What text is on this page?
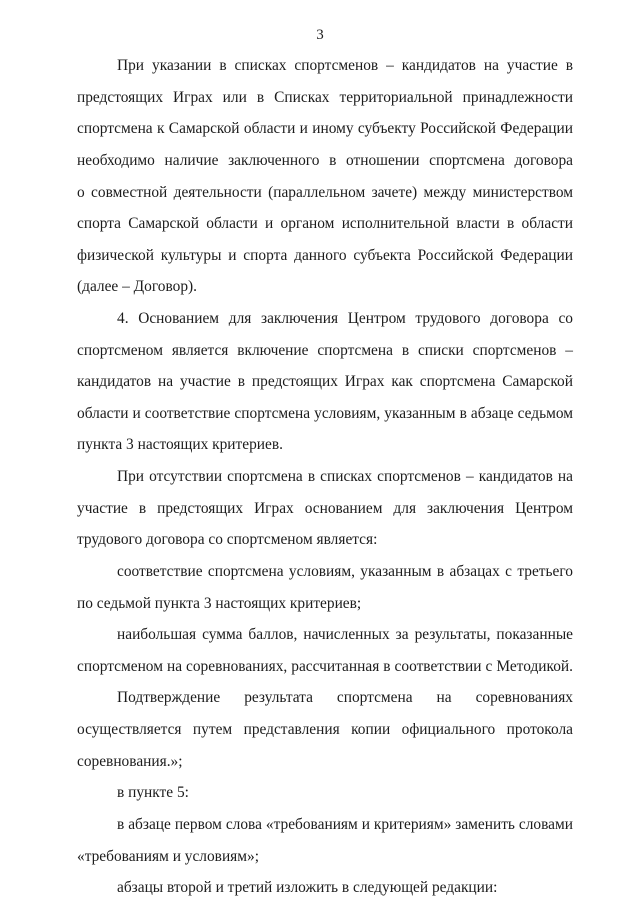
3
При указании в списках спортсменов – кандидатов на участие в
предстоящих Играх или в Списках территориальной принадлежности
спортсмена к Самарской области и иному субъекту Российской Федерации
необходимо наличие заключенного в отношении спортсмена договора
о совместной деятельности (параллельном зачете) между министерством
спорта Самарской области и органом исполнительной власти в области
физической культуры и спорта данного субъекта Российской Федерации
(далее – Договор).
4. Основанием для заключения Центром трудового договора со
спортсменом является включение спортсмена в списки спортсменов –
кандидатов на участие в предстоящих Играх как спортсмена Самарской
области и соответствие спортсмена условиям, указанным в абзаце седьмом
пункта 3 настоящих критериев.
При отсутствии спортсмена в списках спортсменов – кандидатов на
участие в предстоящих Играх основанием для заключения Центром
трудового договора со спортсменом является:
соответствие спортсмена условиям, указанным в абзацах с третьего
по седьмой пункта 3 настоящих критериев;
наибольшая сумма баллов, начисленных за результаты, показанные
спортсменом на соревнованиях, рассчитанная в соответствии с Методикой.
Подтверждение результата спортсмена на соревнованиях
осуществляется путем представления копии официального протокола
соревнования.»;
в пункте 5:
в абзаце первом слова «требованиям и критериям» заменить словами
«требованиям и условиям»;
абзацы второй и третий изложить в следующей редакции:
